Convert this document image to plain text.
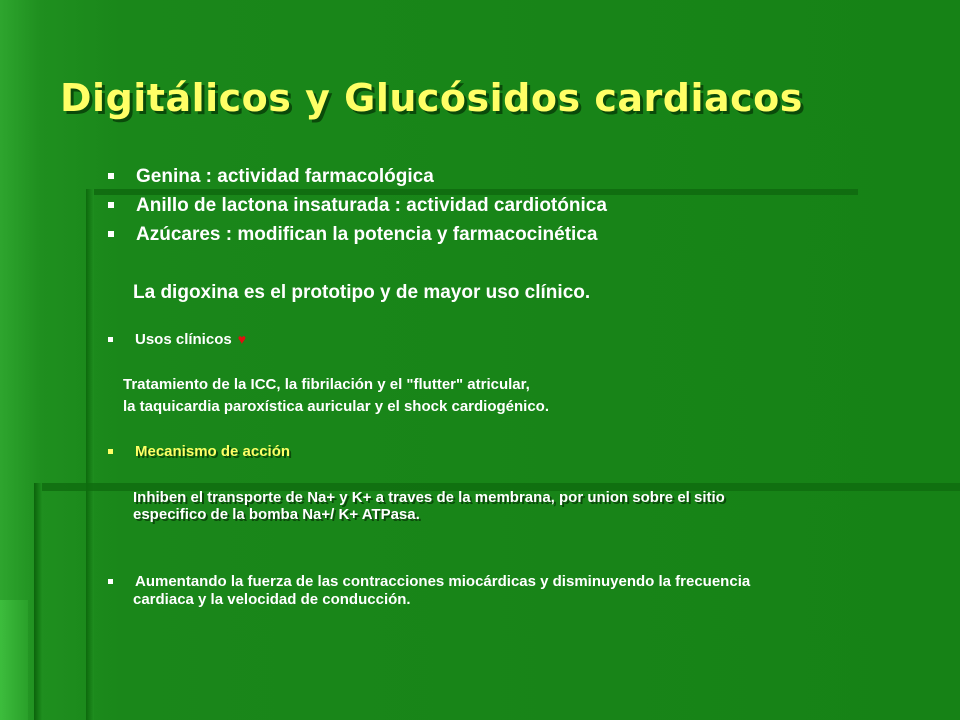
Digitálicos y Glucósidos cardiacos
Genina : actividad farmacológica
Anillo de lactona insaturada : actividad cardiotónica
Azúcares : modifican la potencia y farmacocinética
La digoxina es el prototipo y de mayor uso clínico.
Usos clínicos ♥
Tratamiento de la ICC, la fibrilación y el "flutter" atricular,
la taquicardia paroxística auricular y el shock cardiogénico.
Mecanismo de acción
Inhiben el transporte de Na+ y K+ a traves de la membrana, por union sobre el sitio
especifico de la bomba Na+/ K+ ATPasa.
Aumentando la fuerza de las contracciones miocárdicas y disminuyendo la frecuencia
cardiaca y la velocidad de conducción.
